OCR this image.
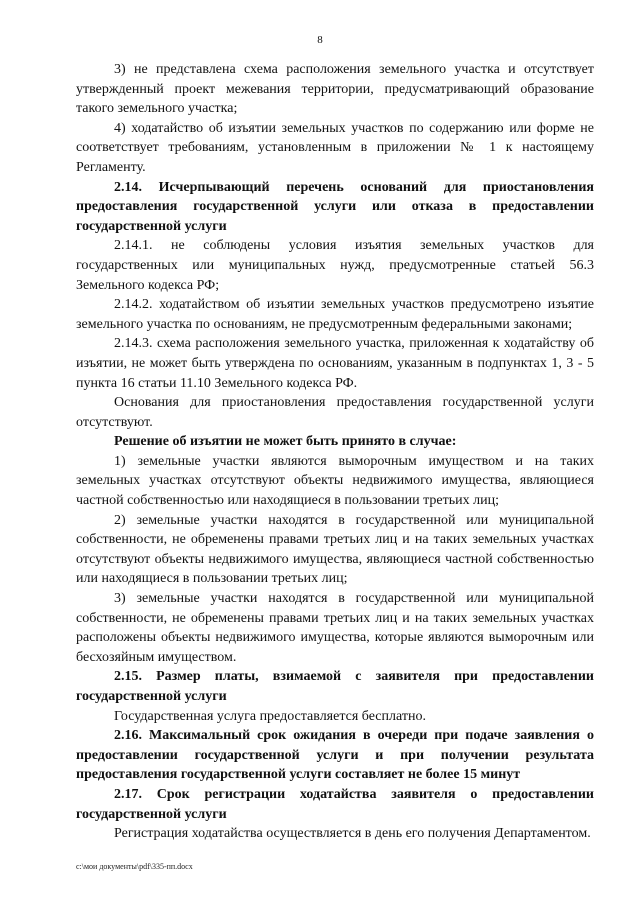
8

3) не представлена схема расположения земельного участка и отсутствует утвержденный проект межевания территории, предусматривающий образование такого земельного участка;

4) ходатайство об изъятии земельных участков по содержанию или форме не соответствует требованиям, установленным в приложении № 1 к настоящему Регламенту.

2.14. Исчерпывающий перечень оснований для приостановления предоставления государственной услуги или отказа в предоставлении государственной услуги

2.14.1. не соблюдены условия изъятия земельных участков для государственных или муниципальных нужд, предусмотренные статьей 56.3 Земельного кодекса РФ;

2.14.2. ходатайством об изъятии земельных участков предусмотрено изъятие земельного участка по основаниям, не предусмотренным федеральными законами;

2.14.3. схема расположения земельного участка, приложенная к ходатайству об изъятии, не может быть утверждена по основаниям, указанным в подпунктах 1, 3 - 5 пункта 16 статьи 11.10 Земельного кодекса РФ.

Основания для приостановления предоставления государственной услуги отсутствуют.

Решение об изъятии не может быть принято в случае:

1) земельные участки являются выморочным имуществом и на таких земельных участках отсутствуют объекты недвижимого имущества, являющиеся частной собственностью или находящиеся в пользовании третьих лиц;

2) земельные участки находятся в государственной или муниципальной собственности, не обременены правами третьих лиц и на таких земельных участках отсутствуют объекты недвижимого имущества, являющиеся частной собственностью или находящиеся в пользовании третьих лиц;

3) земельные участки находятся в государственной или муниципальной собственности, не обременены правами третьих лиц и на таких земельных участках расположены объекты недвижимого имущества, которые являются выморочным или бесхозяйным имуществом.

2.15. Размер платы, взимаемой с заявителя при предоставлении государственной услуги

Государственная услуга предоставляется бесплатно.

2.16. Максимальный срок ожидания в очереди при подаче заявления о предоставлении государственной услуги и при получении результата предоставления государственной услуги составляет не более 15 минут

2.17. Срок регистрации ходатайства заявителя о предоставлении государственной услуги

Регистрация ходатайства осуществляется в день его получения Департаментом.

c:\мои документы\pdf\335-пп.docx
